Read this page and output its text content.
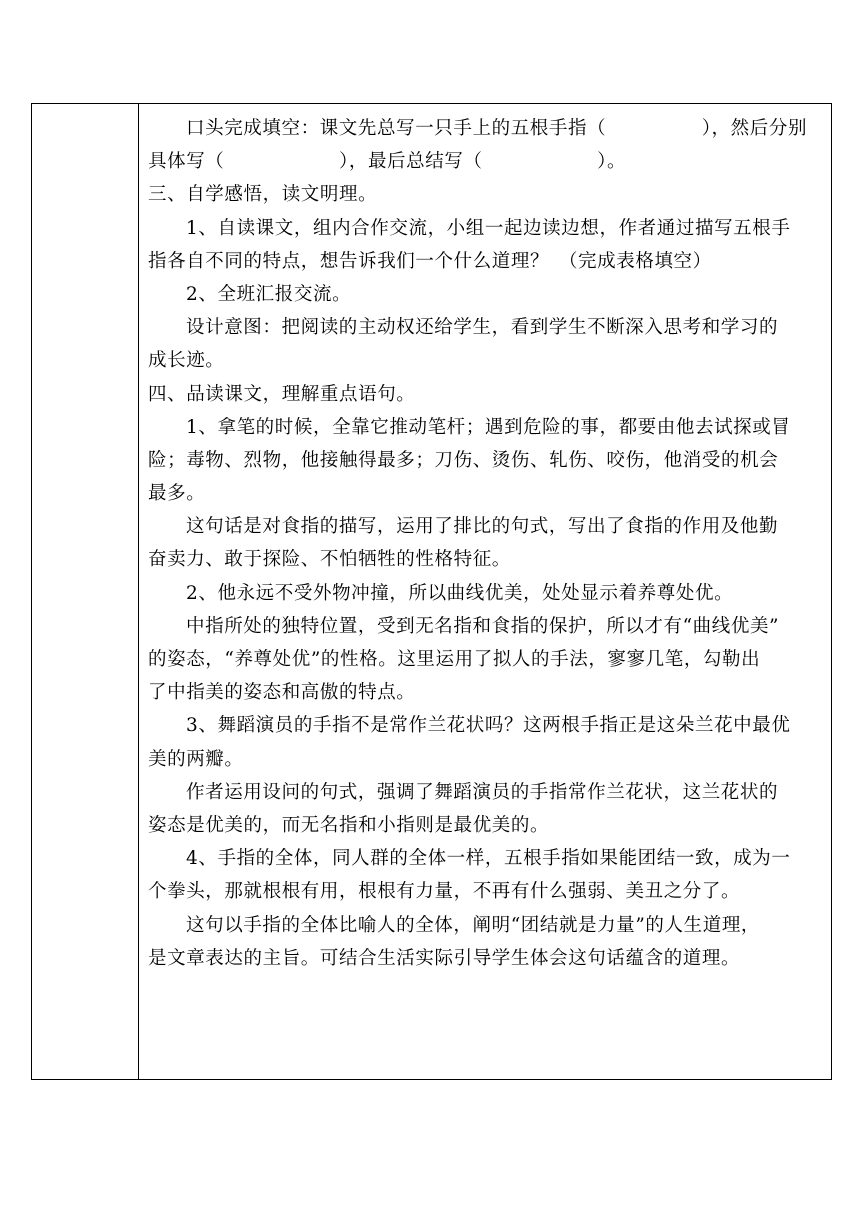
口头完成填空：课文先总写一只手上的五根手指（　　　　　），然后分别
具体写（　　　　　　），最后总结写（　　　　　　）。
三、自学感悟，读文明理。
1、自读课文，组内合作交流，小组一起边读边想，作者通过描写五根手
指各自不同的特点，想告诉我们一个什么道理？　（完成表格填空）
2、全班汇报交流。
设计意图：把阅读的主动权还给学生，看到学生不断深入思考和学习的
成长迹。
四、品读课文，理解重点语句。
1、拿笔的时候，全靠它推动笔杆；遇到危险的事，都要由他去试探或冒
险；毒物、烈物，他接触得最多；刀伤、烫伤、轧伤、咬伤，他消受的机会
最多。
这句话是对食指的描写，运用了排比的句式，写出了食指的作用及他勤
奋卖力、敢于探险、不怕牺牲的性格特征。
2、他永远不受外物冲撞，所以曲线优美，处处显示着养尊处优。
中指所处的独特位置，受到无名指和食指的保护，所以才有“曲线优美”
的姿态，“养尊处优”的性格。这里运用了拟人的手法，寥寥几笔，勾勒出
了中指美的姿态和高傲的特点。
3、舞蹈演员的手指不是常作兰花状吗？这两根手指正是这朵兰花中最优
美的两瓣。
作者运用设问的句式，强调了舞蹈演员的手指常作兰花状，这兰花状的
姿态是优美的，而无名指和小指则是最优美的。
4、手指的全体，同人群的全体一样，五根手指如果能团结一致，成为一
个拳头，那就根根有用，根根有力量，不再有什么强弱、美丑之分了。
这句以手指的全体比喻人的全体，阐明“团结就是力量”的人生道理，
是文章表达的主旨。可结合生活实际引导学生体会这句话蕴含的道理。
